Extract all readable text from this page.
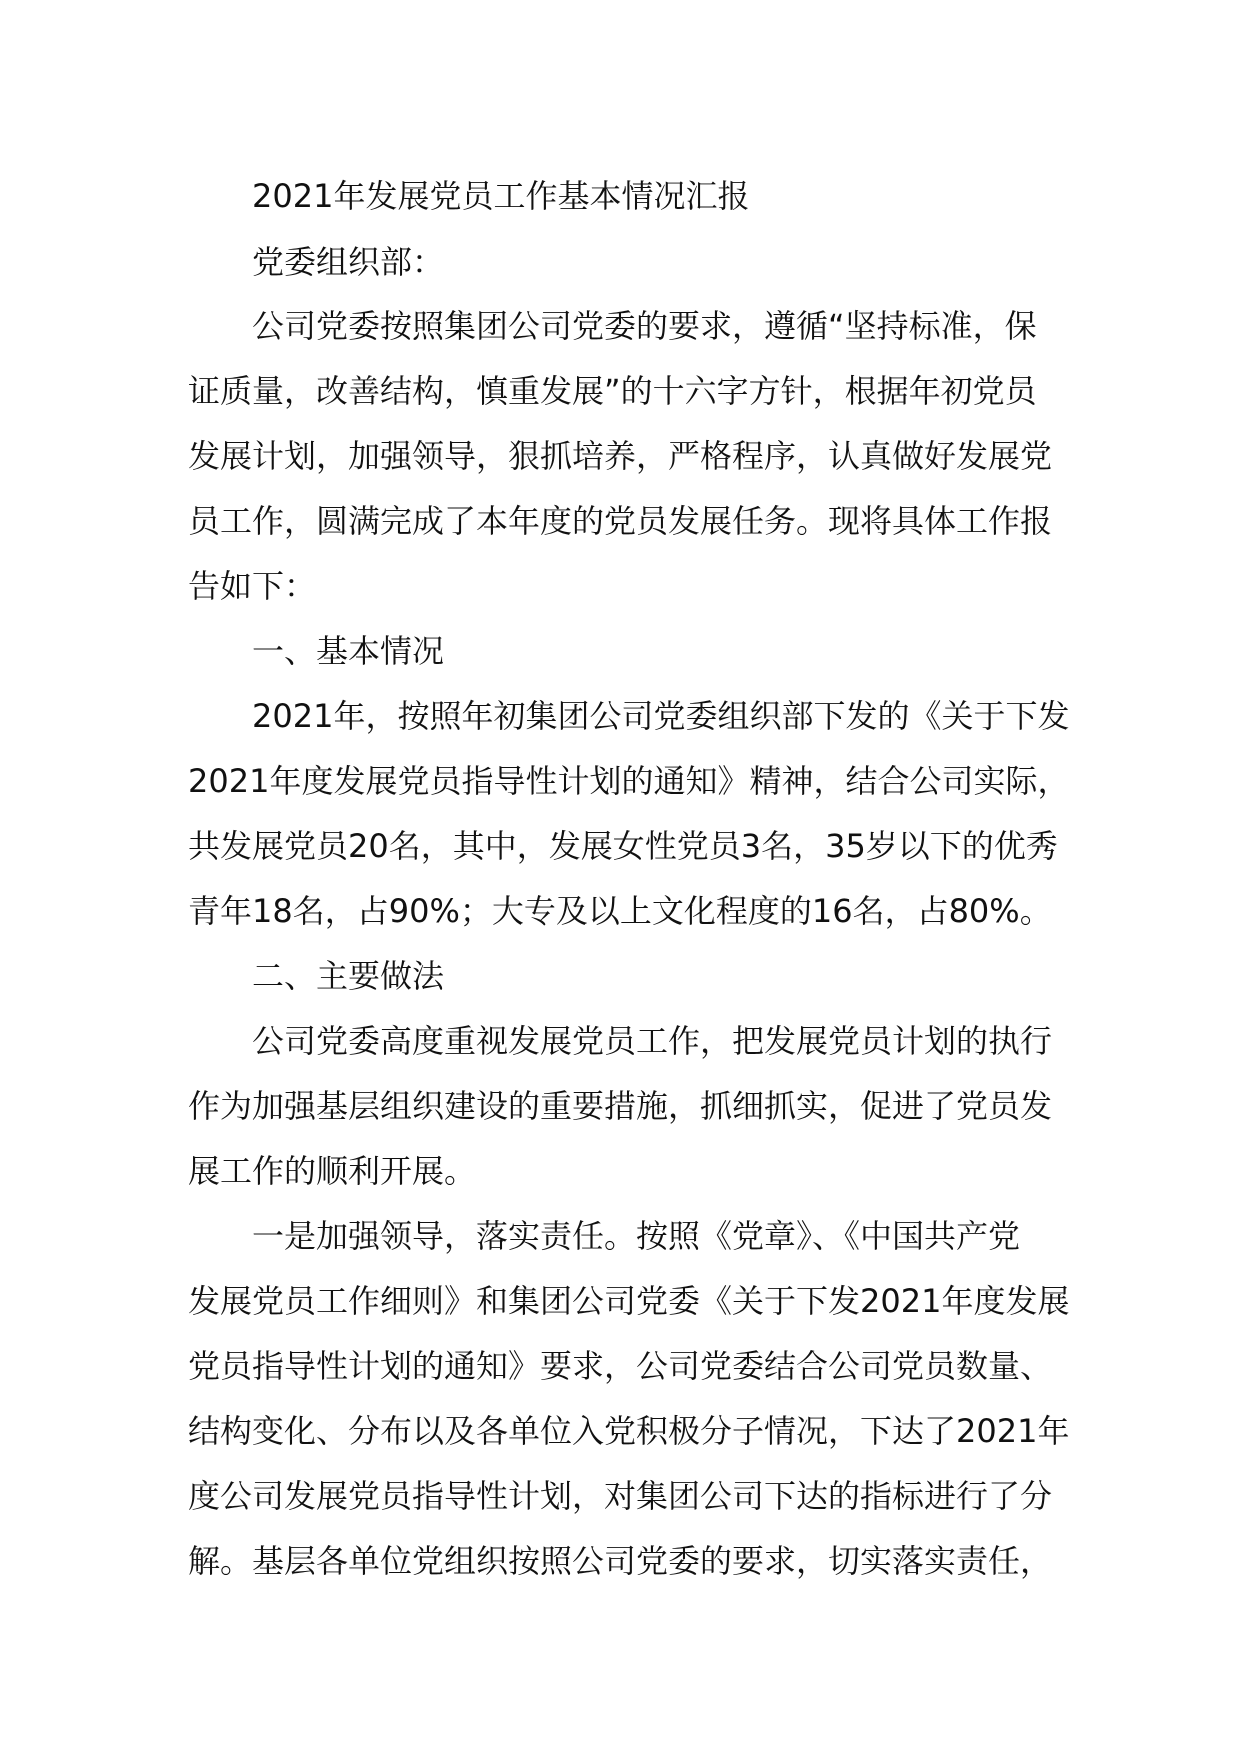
2021年发展党员工作基本情况汇报
党委组织部：
公司党委按照集团公司党委的要求，遵循“坚持标准，保
证质量，改善结构，慎重发展”的十六字方针，根据年初党员
发展计划，加强领导，狠抓培养，严格程序，认真做好发展党
员工作，圆满完成了本年度的党员发展任务。现将具体工作报
告如下：
一、基本情况
2021年，按照年初集团公司党委组织部下发的《关于下发
2021年度发展党员指导性计划的通知》精神，结合公司实际，
共发展党员20名，其中，发展女性党员3名，35岁以下的优秀
青年18名，占90%；大专及以上文化程度的16名，占80%。
二、主要做法
公司党委高度重视发展党员工作，把发展党员计划的执行
作为加强基层组织建设的重要措施，抓细抓实，促进了党员发
展工作的顺利开展。
一是加强领导，落实责任。按照《党章》、《中国共产党
发展党员工作细则》和集团公司党委《关于下发2021年度发展
党员指导性计划的通知》要求，公司党委结合公司党员数量、
结构变化、分布以及各单位入党积极分子情况，下达了2021年
度公司发展党员指导性计划，对集团公司下达的指标进行了分
解。基层各单位党组织按照公司党委的要求，切实落实责任，
